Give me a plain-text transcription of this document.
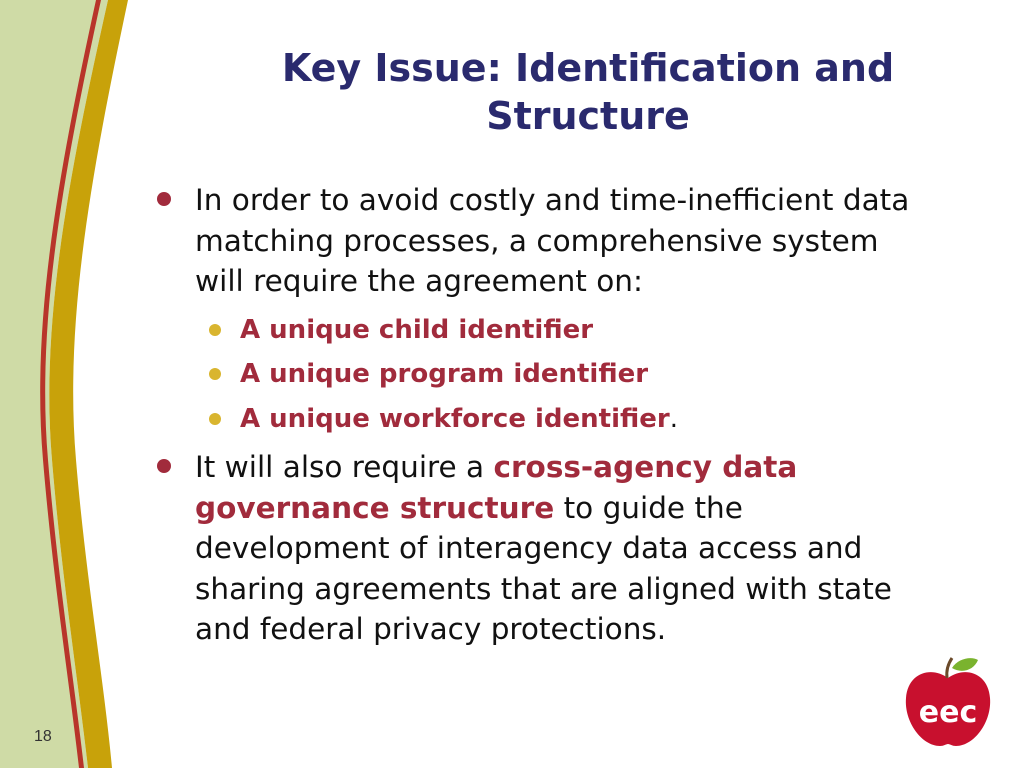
Key Issue: Identification and
Structure
In order to avoid costly and time-inefficient data matching processes, a comprehensive system will require the agreement on:
A unique child identifier
A unique program identifier
A unique workforce identifier.
It will also require a cross-agency data governance structure to guide the development of interagency data access and sharing agreements that are aligned with state and federal privacy protections.
18
eec
